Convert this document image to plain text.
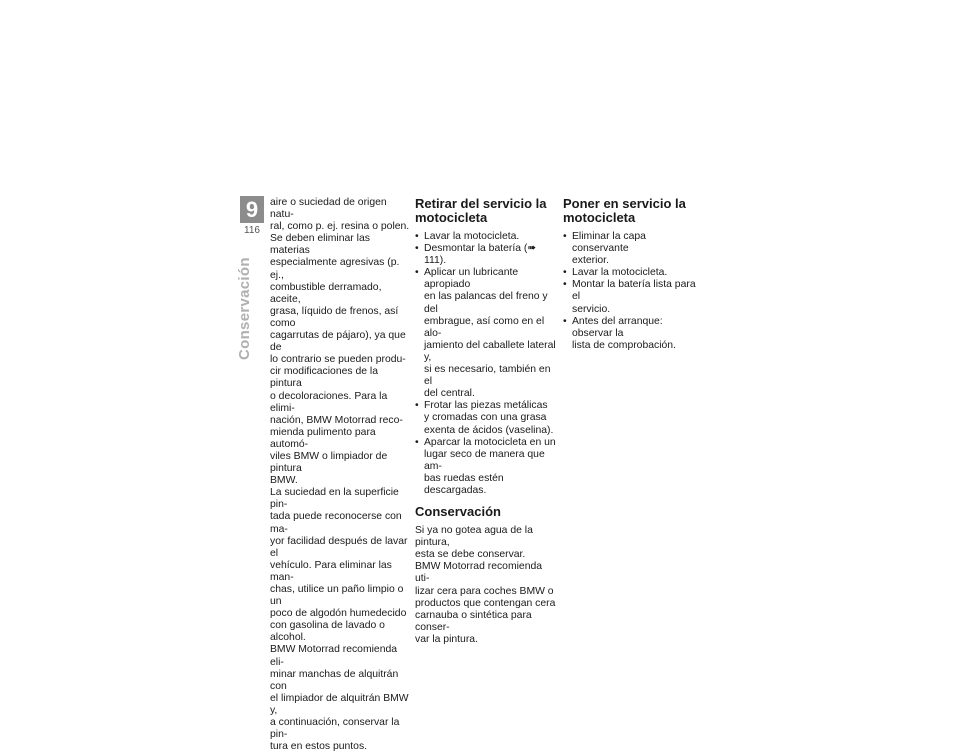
9
116
Conservación

aire o suciedad de origen natu-
ral, como p. ej. resina o polen.
Se deben eliminar las materias
especialmente agresivas (p. ej.,
combustible derramado, aceite,
grasa, líquido de frenos, así como
cagarrutas de pájaro), ya que de
lo contrario se pueden produ-
cir modificaciones de la pintura
o decoloraciones. Para la elimi-
nación, BMW Motorrad reco-
mienda pulimento para automó-
viles BMW o limpiador de pintura
BMW.
La suciedad en la superficie pin-
tada puede reconocerse con ma-
yor facilidad después de lavar el
vehículo. Para eliminar las man-
chas, utilice un paño limpio o un
poco de algodón humedecido
con gasolina de lavado o alcohol.
BMW Motorrad recomienda eli-
minar manchas de alquitrán con
el limpiador de alquitrán BMW y,
a continuación, conservar la pin-
tura en estos puntos.

Retirar del servicio la
motocicleta
• Lavar la motocicleta.
• Desmontar la batería (➠ 111).
• Aplicar un lubricante apropiado
en las palancas del freno y del
embrague, así como en el alo-
jamiento del caballete lateral y,
si es necesario, también en el
del central.
• Frotar las piezas metálicas
y cromadas con una grasa
exenta de ácidos (vaselina).
• Aparcar la motocicleta en un
lugar seco de manera que am-
bas ruedas estén descargadas.
Conservación

Si ya no gotea agua de la pintura,
esta se debe conservar.
BMW Motorrad recomienda uti-
lizar cera para coches BMW o
productos que contengan cera
carnauba o sintética para conser-
var la pintura.

Poner en servicio la
motocicleta
• Eliminar la capa conservante
exterior.
• Lavar la motocicleta.
• Montar la batería lista para el
servicio.
• Antes del arranque: observar la
lista de comprobación.
